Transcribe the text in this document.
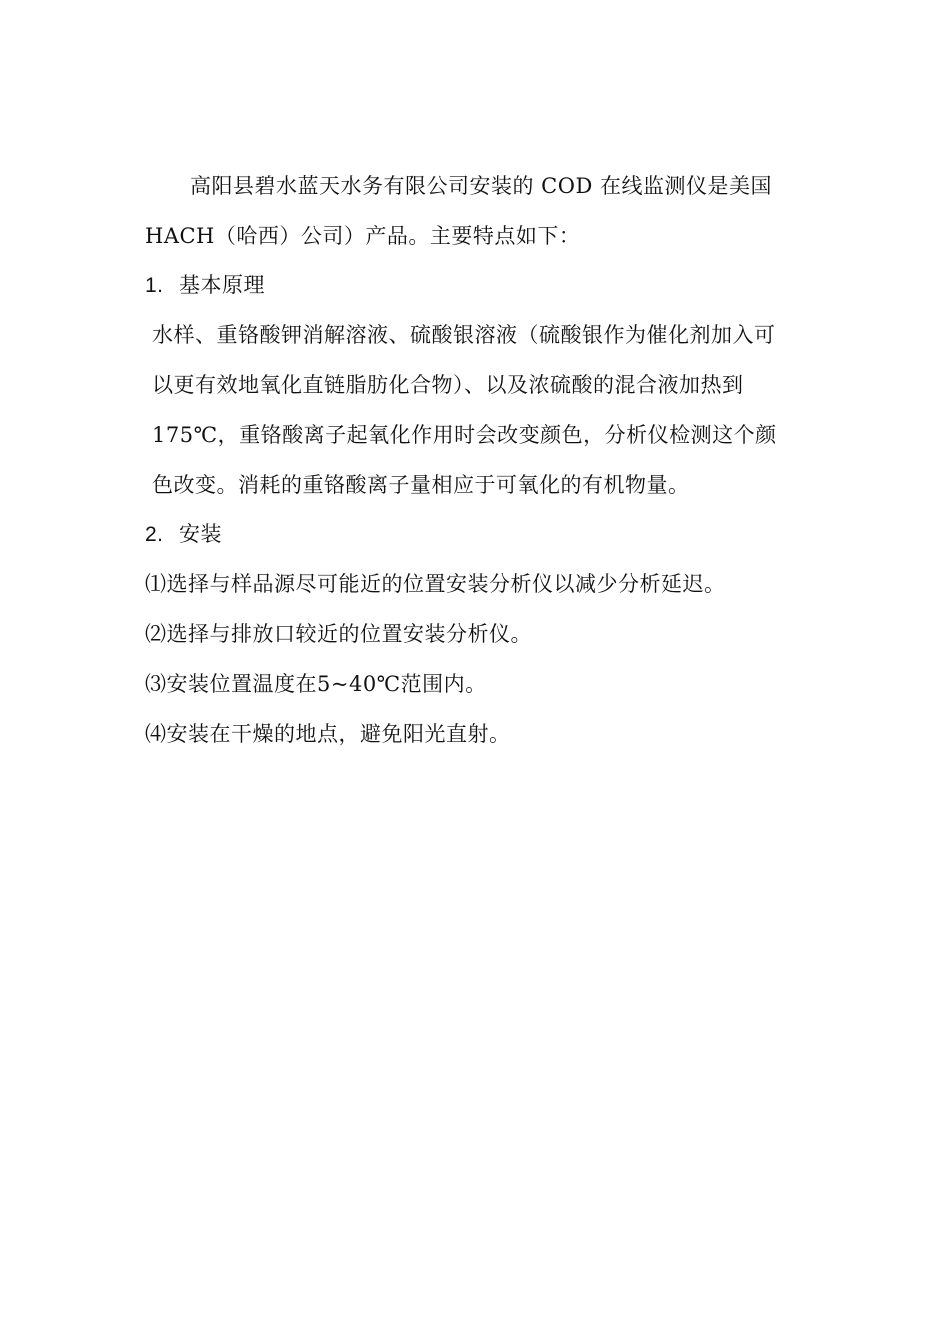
高阳县碧水蓝天水务有限公司安装的 COD 在线监测仪是美国
HACH（哈西）公司）产品。主要特点如下：
1. 基本原理
水样、重铬酸钾消解溶液、硫酸银溶液（硫酸银作为催化剂加入可
以更有效地氧化直链脂肪化合物）、以及浓硫酸的混合液加热到
175℃，重铬酸离子起氧化作用时会改变颜色，分析仪检测这个颜
色改变。消耗的重铬酸离子量相应于可氧化的有机物量。
2. 安装
⑴选择与样品源尽可能近的位置安装分析仪以减少分析延迟。
⑵选择与排放口较近的位置安装分析仪。
⑶安装位置温度在5~40℃范围内。
⑷安装在干燥的地点，避免阳光直射。
